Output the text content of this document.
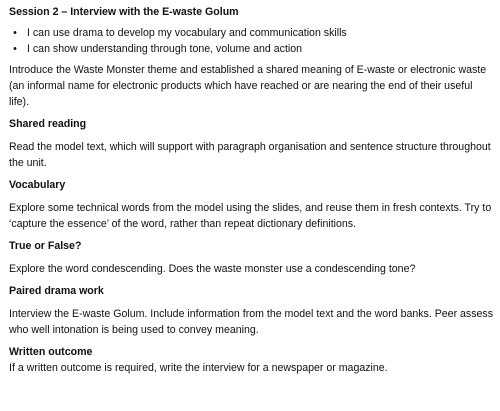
Session 2 – Interview with the E-waste Golum
• I can use drama to develop my vocabulary and communication skills
• I can show understanding through tone, volume and action

Introduce the Waste Monster theme and established a shared meaning of E-waste or electronic waste (an informal name for electronic products which have reached or are nearing the end of their useful life).

Shared reading

Read the model text, which will support with paragraph organisation and sentence structure throughout the unit.

Vocabulary

Explore some technical words from the model using the slides, and reuse them in fresh contexts. Try to ‘capture the essence’ of the word, rather than repeat dictionary definitions.

True or False?

Explore the word condescending. Does the waste monster use a condescending tone?

Paired drama work

Interview the E-waste Golum. Include information from the model text and the word banks. Peer assess who well intonation is being used to convey meaning.

Written outcome

If a written outcome is required, write the interview for a newspaper or magazine.
